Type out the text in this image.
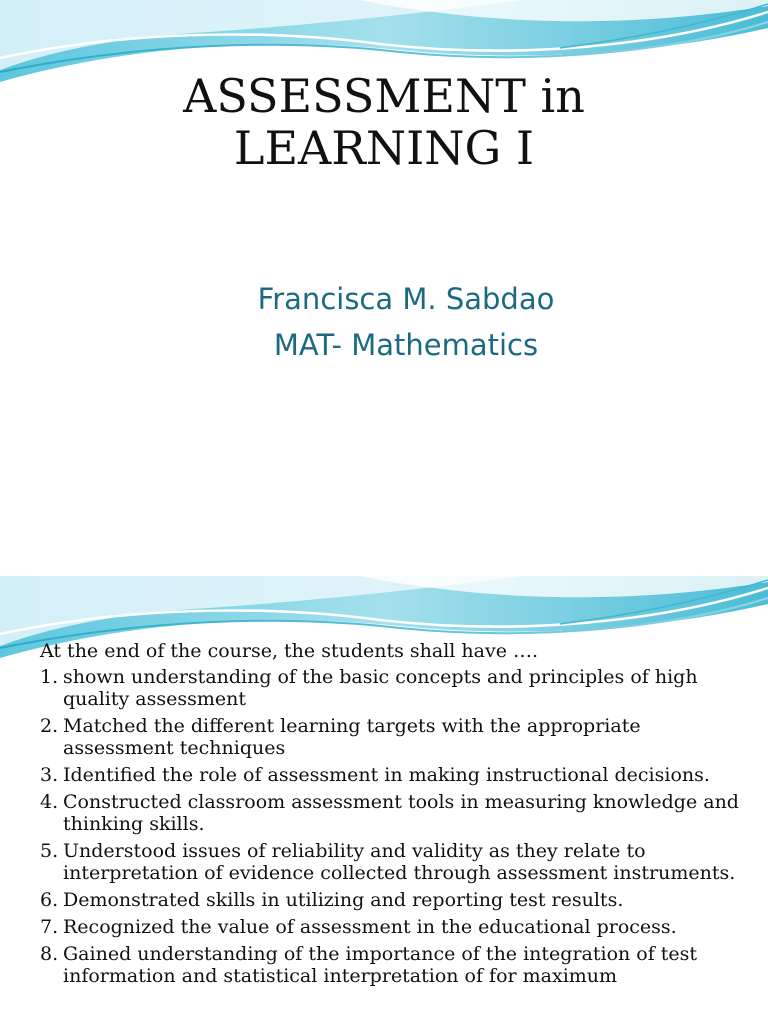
ASSESSMENT in
LEARNING I
Francisca M. Sabdao
MAT- Mathematics

At the end of the course, the students shall have ….

1. shown understanding of the basic concepts and principles of high quality assessment
2. Matched the different learning targets with the appropriate assessment techniques
3. Identified the role of assessment in making instructional decisions.
4. Constructed classroom assessment tools in measuring knowledge and thinking skills.
5. Understood issues of reliability and validity as they relate to interpretation of evidence collected through assessment instruments.
6. Demonstrated skills in utilizing and reporting test results.
7. Recognized the value of assessment in the educational process.
8. Gained understanding of the importance of the integration of test information and statistical interpretation of for maximum
